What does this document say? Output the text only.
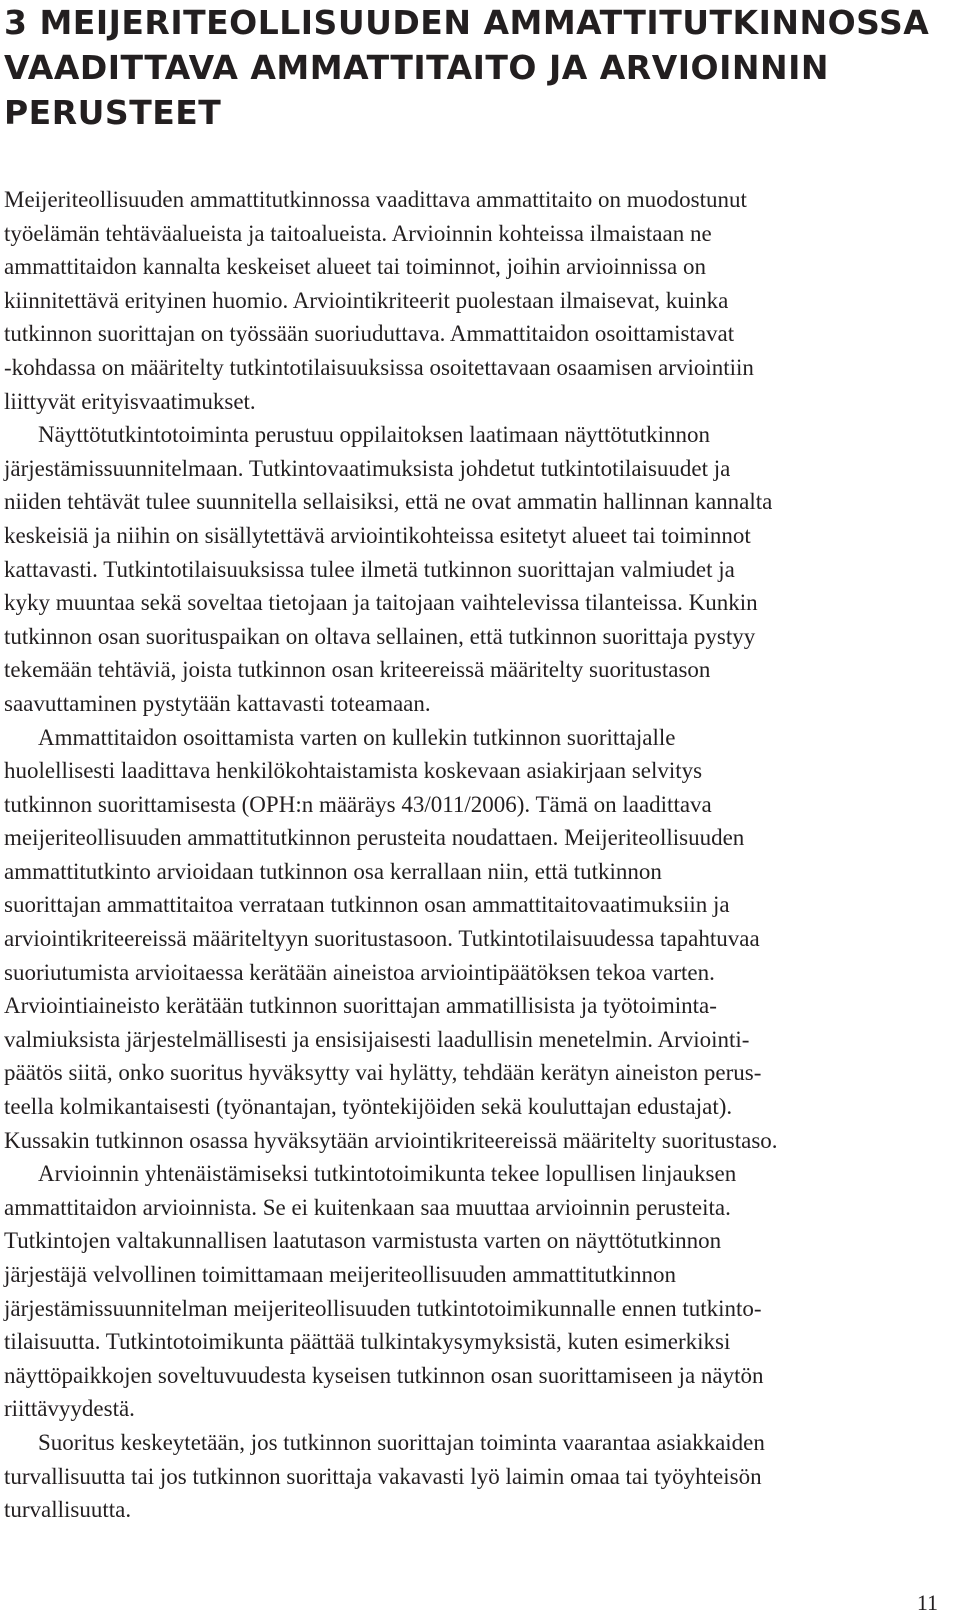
3 MEIJERITEOLLISUUDEN AMMATTITUTKINNOSSA
VAADITTAVA AMMATTITAITO JA ARVIOINNIN
PERUSTEET

Meijeriteollisuuden ammattitutkinnossa vaadittava ammattitaito on muodostunut
työelämän tehtäväalueista ja taitoalueista. Arvioinnin kohteissa ilmaistaan ne
ammattitaidon kannalta keskeiset alueet tai toiminnot, joihin arvioinnissa on
kiinnitettävä erityinen huomio. Arviointikriteerit puolestaan ilmaisevat, kuinka
tutkinnon suorittajan on työssään suoriuduttava. Ammattitaidon osoittamistavat
-kohdassa on määritelty tutkintotilaisuuksissa osoitettavaan osaamisen arviointiin
liittyvät erityisvaatimukset.

Näyttötutkintotoiminta perustuu oppilaitoksen laatimaan näyttötutkinnon
järjestämissuunnitelmaan. Tutkintovaatimuksista johdetut tutkintotilaisuudet ja
niiden tehtävät tulee suunnitella sellaisiksi, että ne ovat ammatin hallinnan kannalta
keskeisiä ja niihin on sisällytettävä arviointikohteissa esitetyt alueet tai toiminnot
kattavasti. Tutkintotilaisuuksissa tulee ilmetä tutkinnon suorittajan valmiudet ja
kyky muuntaa sekä soveltaa tietojaan ja taitojaan vaihtelevissa tilanteissa. Kunkin
tutkinnon osan suorituspaikan on oltava sellainen, että tutkinnon suorittaja pystyy
tekemään tehtäviä, joista tutkinnon osan kriteereissä määritelty suoritustason
saavuttaminen pystytään kattavasti toteamaan.

Ammattitaidon osoittamista varten on kullekin tutkinnon suorittajalle
huolellisesti laadittava henkilökohtaistamista koskevaan asiakirjaan selvitys
tutkinnon suorittamisesta (OPH:n määräys 43/011/2006). Tämä on laadittava
meijeriteollisuuden ammattitutkinnon perusteita noudattaen. Meijeriteollisuuden
ammattitutkinto arvioidaan tutkinnon osa kerrallaan niin, että tutkinnon
suorittajan ammattitaitoa verrataan tutkinnon osan ammattitaitovaatimuksiin ja
arviointikriteereissä määriteltyyn suoritustasoon. Tutkintotilaisuudessa tapahtuvaa
suoriutumista arvioitaessa kerätään aineistoa arviointipäätöksen tekoa varten.
Arviointiaineisto kerätään tutkinnon suorittajan ammatillisista ja työtoiminta-
valmiuksista järjestelmällisesti ja ensisijaisesti laadullisin menetelmin. Arviointi-
päätös siitä, onko suoritus hyväksytty vai hylätty, tehdään kerätyn aineiston perus-
teella kolmikantaisesti (työnantajan, työntekijöiden sekä kouluttajan edustajat).
Kussakin tutkinnon osassa hyväksytään arviointikriteereissä määritelty suoritustaso.

Arvioinnin yhtenäistämiseksi tutkintotoimikunta tekee lopullisen linjauksen
ammattitaidon arvioinnista. Se ei kuitenkaan saa muuttaa arvioinnin perusteita.
Tutkintojen valtakunnallisen laatutason varmistusta varten on näyttötutkinnon
järjestäjä velvollinen toimittamaan meijeriteollisuuden ammattitutkinnon
järjestämissuunnitelman meijeriteollisuuden tutkintotoimikunnalle ennen tutkinto-
tilaisuutta. Tutkintotoimikunta päättää tulkintakysymyksistä, kuten esimerkiksi
näyttöpaikkojen soveltuvuudesta kyseisen tutkinnon osan suorittamiseen ja näytön
riittävyydestä.

Suoritus keskeytetään, jos tutkinnon suorittajan toiminta vaarantaa asiakkaiden
turvallisuutta tai jos tutkinnon suorittaja vakavasti lyö laimin omaa tai työyhteisön
turvallisuutta.

11
